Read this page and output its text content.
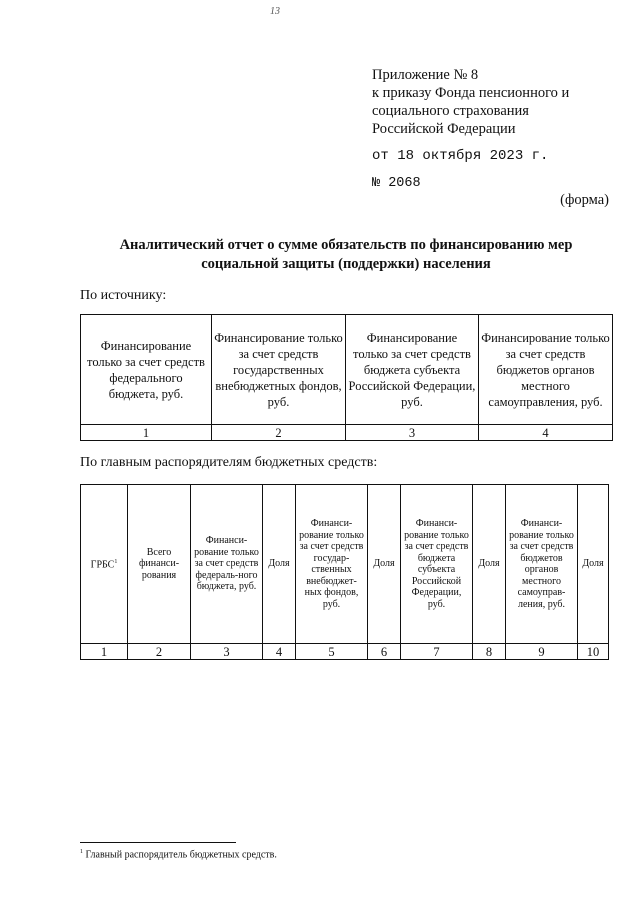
13
Приложение № 8
к приказу Фонда пенсионного и
социального страхования
Российской Федерации
от 18 октября 2023 г.
№ 2068
(форма)
Аналитический отчет о сумме обязательств по финансированию мер социальной защиты (поддержки) населения
По источнику:
Финансирование только за счет средств федерального бюджета, руб.	Финансирование только за счет средств государственных внебюджетных фондов, руб.	Финансирование только за счет средств бюджета субъекта Российской Федерации, руб.	Финансирование только за счет средств бюджетов органов местного самоуправления, руб.
1	2	3	4
По главным распорядителям бюджетных средств:
ГРБС$^1$	Всего финанси-рования	Финанси-рование только за счет средств федераль-ного бюджета, руб.	Доля	Финанси-рование только за счет средств государ-ственных внебюджет-ных фондов, руб.	Доля	Финанси-рование только за счет средств бюджета субъекта Российской Федерации, руб.	Доля	Финанси-рование только за счет средств бюджетов органов местного самоуправ-ления, руб.	Доля
1	2	3	4	5	6	7	8	9	10
$^1$ Главный распорядитель бюджетных средств.
